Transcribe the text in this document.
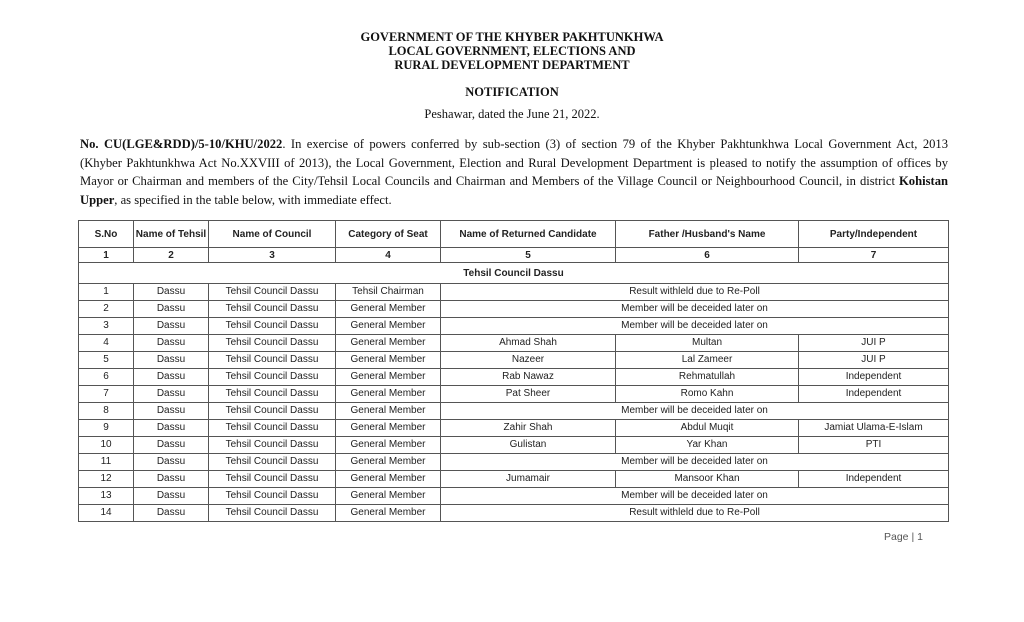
GOVERNMENT OF THE KHYBER PAKHTUNKHWA
LOCAL GOVERNMENT, ELECTIONS AND
RURAL DEVELOPMENT DEPARTMENT
NOTIFICATION
Peshawar, dated the June 21, 2022.
No. CU(LGE&RDD)/5-10/KHU/2022. In exercise of powers conferred by sub-section (3) of section 79 of the Khyber Pakhtunkhwa Local Government Act, 2013 (Khyber Pakhtunkhwa Act No.XXVIII of 2013), the Local Government, Election and Rural Development Department is pleased to notify the assumption of offices by Mayor or Chairman and members of the City/Tehsil Local Councils and Chairman and Members of the Village Council or Neighbourhood Council, in district Kohistan Upper, as specified in the table below, with immediate effect.
S.No	Name of Tehsil	Name of Council	Category of Seat	Name of Returned Candidate	Father /Husband's Name	Party/Independent
1	2	3	4	5	6	7
Tehsil Council Dassu						
1	Dassu	Tehsil Council Dassu	Tehsil Chairman	Result withleld due to Re-Poll		
2	Dassu	Tehsil Council Dassu	General Member	Member will be deceided later on		
3	Dassu	Tehsil Council Dassu	General Member	Member will be deceided later on		
4	Dassu	Tehsil Council Dassu	General Member	Ahmad Shah	Multan	JUI P
5	Dassu	Tehsil Council Dassu	General Member	Nazeer	Lal Zameer	JUI P
6	Dassu	Tehsil Council Dassu	General Member	Rab Nawaz	Rehmatullah	Independent
7	Dassu	Tehsil Council Dassu	General Member	Pat Sheer	Romo Kahn	Independent
8	Dassu	Tehsil Council Dassu	General Member	Member will be deceided later on		
9	Dassu	Tehsil Council Dassu	General Member	Zahir Shah	Abdul Muqit	Jamiat Ulama-E-Islam
10	Dassu	Tehsil Council Dassu	General Member	Gulistan	Yar Khan	PTI
11	Dassu	Tehsil Council Dassu	General Member	Member will be deceided later on		
12	Dassu	Tehsil Council Dassu	General Member	Jumamair	Mansoor Khan	Independent
13	Dassu	Tehsil Council Dassu	General Member	Member will be deceided later on		
14	Dassu	Tehsil Council Dassu	General Member	Result withleld due to Re-Poll		
Page | 1
